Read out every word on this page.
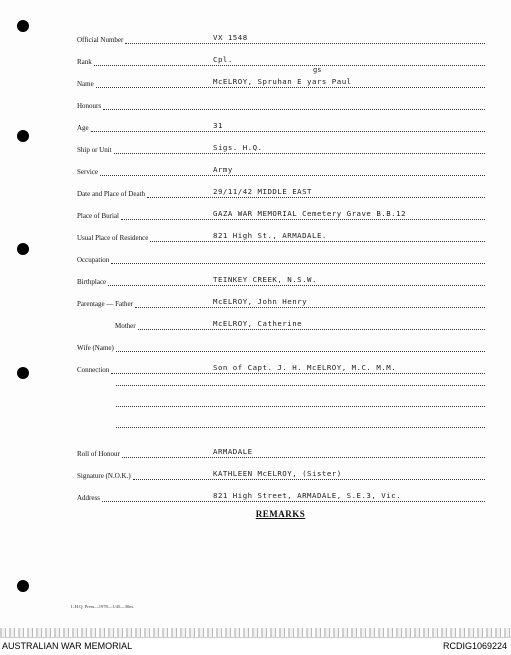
Official Number	VX 1548
Rank	Cpl.
Name	McELROY, Spruhan E yars Paul
Honours
Age	31
Ship or Unit	Sigs. H.Q.
Service	Army
Date and Place of Death	29/11/42 MIDDLE EAST
Place of Burial	GAZA WAR MEMORIAL Cemetery Grave B.B.12
Usual Place of Residence	821 High St., ARMADALE.
Occupation
Birthplace	TEINKEY CREEK, N.S.W.
Parentage — Father	McELROY, John Henry
Mother	McELROY, Catherine
Wife (Name)
Connection	Son of Capt. J. H. McELROY, M.C. M.M.
Roll of Honour	ARMADALE
Signature (N.O.K.)	KATHLEEN McELROY, (Sister)
Address	821 High Street, ARMADALE, S.E.3, Vic.
gs
REMARKS
L.H.Q. Press—1978—1/45—30m.
AUSTRALIAN WAR MEMORIAL	RCDIG1069224
